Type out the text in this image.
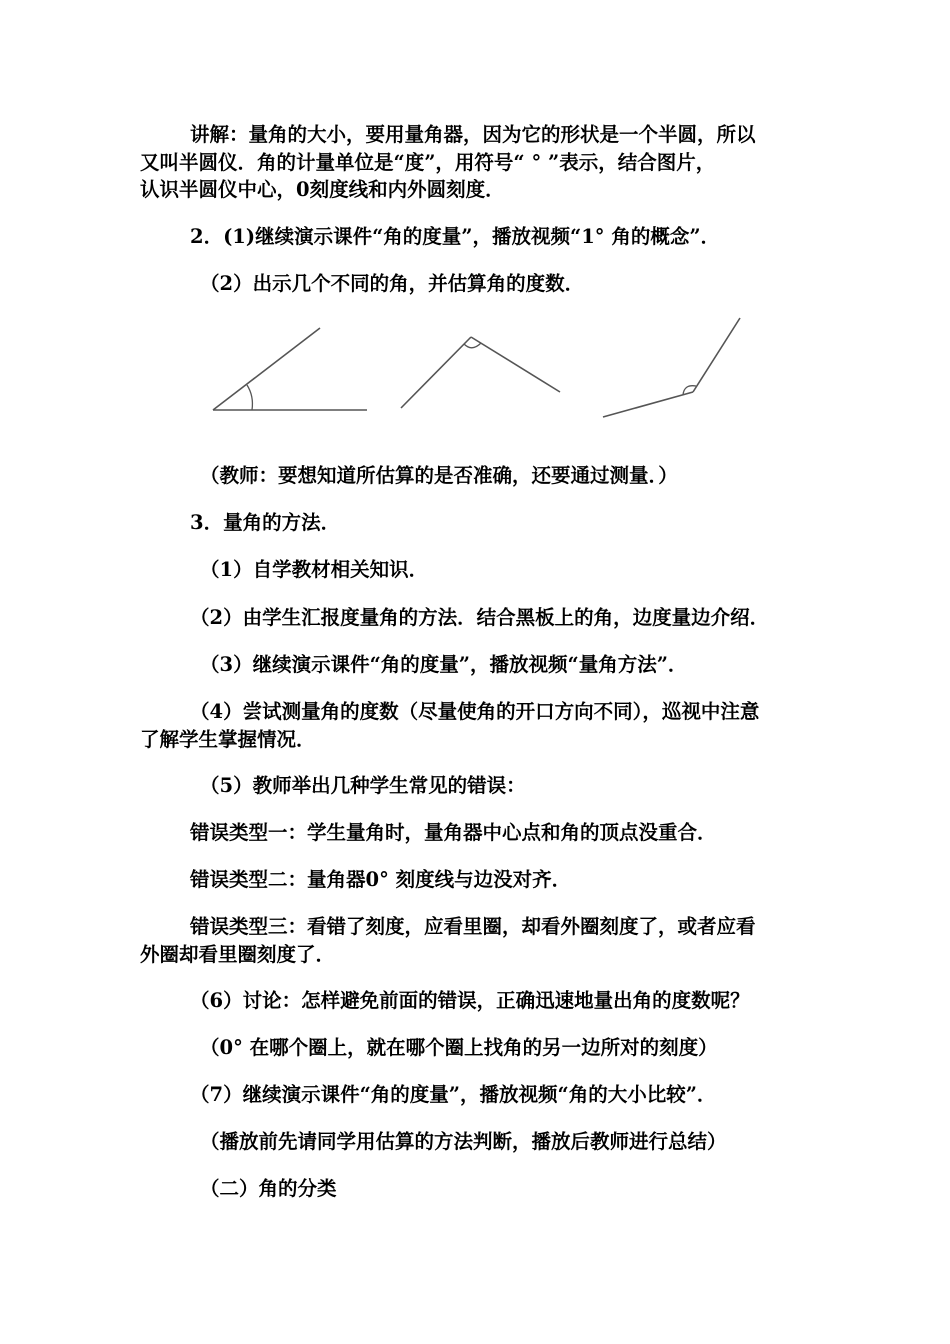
讲解：量角的大小，要用量角器，因为它的形状是一个半圆，所以
又叫半圆仪．角的计量单位是“度”，用符号“ ° ”表示，结合图片，
认识半圆仪中心，0刻度线和内外圆刻度．
2．(1)继续演示课件“角的度量”，播放视频“1° 角的概念”．
（2）出示几个不同的角，并估算角的度数．
（教师：要想知道所估算的是否准确，还要通过测量．）
3．量角的方法．
（1）自学教材相关知识．
（2）由学生汇报度量角的方法．结合黑板上的角，边度量边介绍．
（3）继续演示课件“角的度量”，播放视频“量角方法”．
（4）尝试测量角的度数（尽量使角的开口方向不同），巡视中注意
了解学生掌握情况．
（5）教师举出几种学生常见的错误：
错误类型一：学生量角时，量角器中心点和角的顶点没重合．
错误类型二：量角器0° 刻度线与边没对齐．
错误类型三：看错了刻度，应看里圈，却看外圈刻度了，或者应看
外圈却看里圈刻度了．
（6）讨论：怎样避免前面的错误，正确迅速地量出角的度数呢？
（0° 在哪个圈上，就在哪个圈上找角的另一边所对的刻度）
（7）继续演示课件“角的度量”，播放视频“角的大小比较”．
（播放前先请同学用估算的方法判断，播放后教师进行总结）
（二）角的分类
